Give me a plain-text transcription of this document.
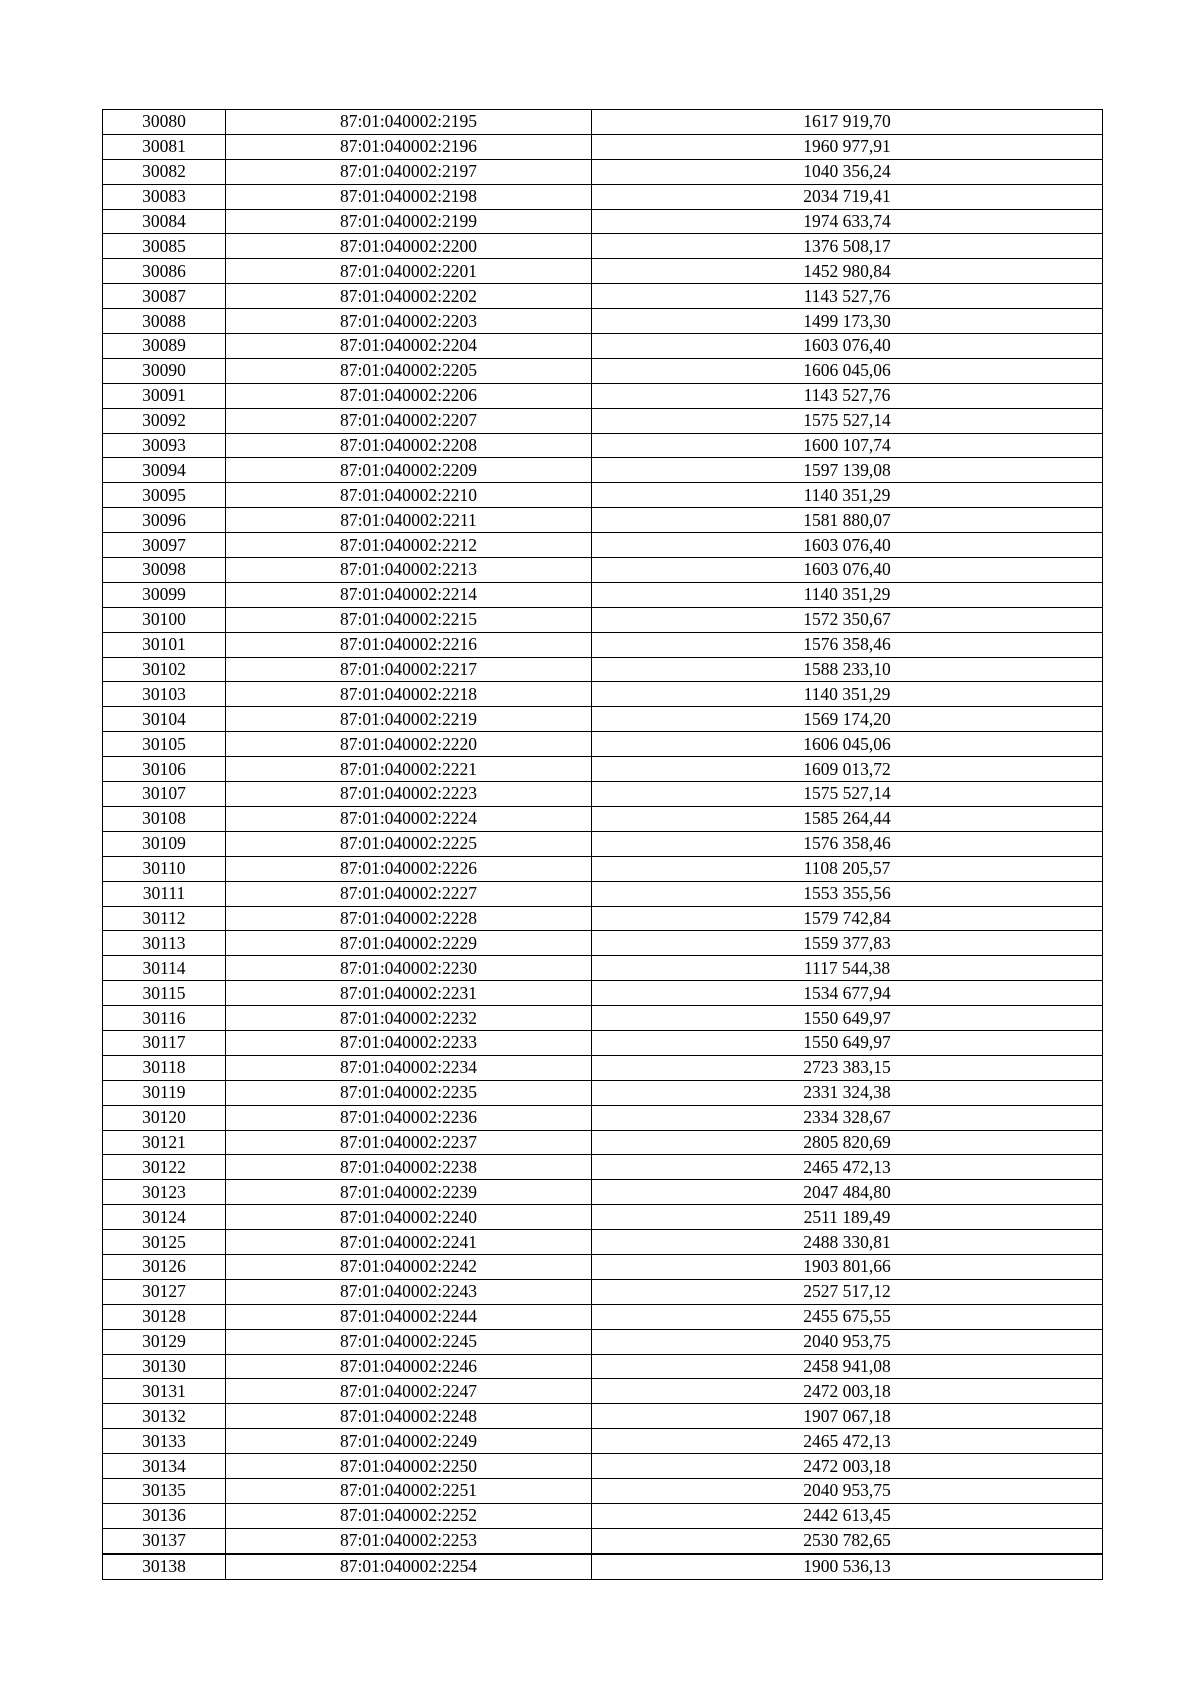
30080	87:01:040002:2195	1617 919,70
30081	87:01:040002:2196	1960 977,91
30082	87:01:040002:2197	1040 356,24
30083	87:01:040002:2198	2034 719,41
30084	87:01:040002:2199	1974 633,74
30085	87:01:040002:2200	1376 508,17
30086	87:01:040002:2201	1452 980,84
30087	87:01:040002:2202	1143 527,76
30088	87:01:040002:2203	1499 173,30
30089	87:01:040002:2204	1603 076,40
30090	87:01:040002:2205	1606 045,06
30091	87:01:040002:2206	1143 527,76
30092	87:01:040002:2207	1575 527,14
30093	87:01:040002:2208	1600 107,74
30094	87:01:040002:2209	1597 139,08
30095	87:01:040002:2210	1140 351,29
30096	87:01:040002:2211	1581 880,07
30097	87:01:040002:2212	1603 076,40
30098	87:01:040002:2213	1603 076,40
30099	87:01:040002:2214	1140 351,29
30100	87:01:040002:2215	1572 350,67
30101	87:01:040002:2216	1576 358,46
30102	87:01:040002:2217	1588 233,10
30103	87:01:040002:2218	1140 351,29
30104	87:01:040002:2219	1569 174,20
30105	87:01:040002:2220	1606 045,06
30106	87:01:040002:2221	1609 013,72
30107	87:01:040002:2223	1575 527,14
30108	87:01:040002:2224	1585 264,44
30109	87:01:040002:2225	1576 358,46
30110	87:01:040002:2226	1108 205,57
30111	87:01:040002:2227	1553 355,56
30112	87:01:040002:2228	1579 742,84
30113	87:01:040002:2229	1559 377,83
30114	87:01:040002:2230	1117 544,38
30115	87:01:040002:2231	1534 677,94
30116	87:01:040002:2232	1550 649,97
30117	87:01:040002:2233	1550 649,97
30118	87:01:040002:2234	2723 383,15
30119	87:01:040002:2235	2331 324,38
30120	87:01:040002:2236	2334 328,67
30121	87:01:040002:2237	2805 820,69
30122	87:01:040002:2238	2465 472,13
30123	87:01:040002:2239	2047 484,80
30124	87:01:040002:2240	2511 189,49
30125	87:01:040002:2241	2488 330,81
30126	87:01:040002:2242	1903 801,66
30127	87:01:040002:2243	2527 517,12
30128	87:01:040002:2244	2455 675,55
30129	87:01:040002:2245	2040 953,75
30130	87:01:040002:2246	2458 941,08
30131	87:01:040002:2247	2472 003,18
30132	87:01:040002:2248	1907 067,18
30133	87:01:040002:2249	2465 472,13
30134	87:01:040002:2250	2472 003,18
30135	87:01:040002:2251	2040 953,75
30136	87:01:040002:2252	2442 613,45
30137	87:01:040002:2253	2530 782,65
30138	87:01:040002:2254	1900 536,13
